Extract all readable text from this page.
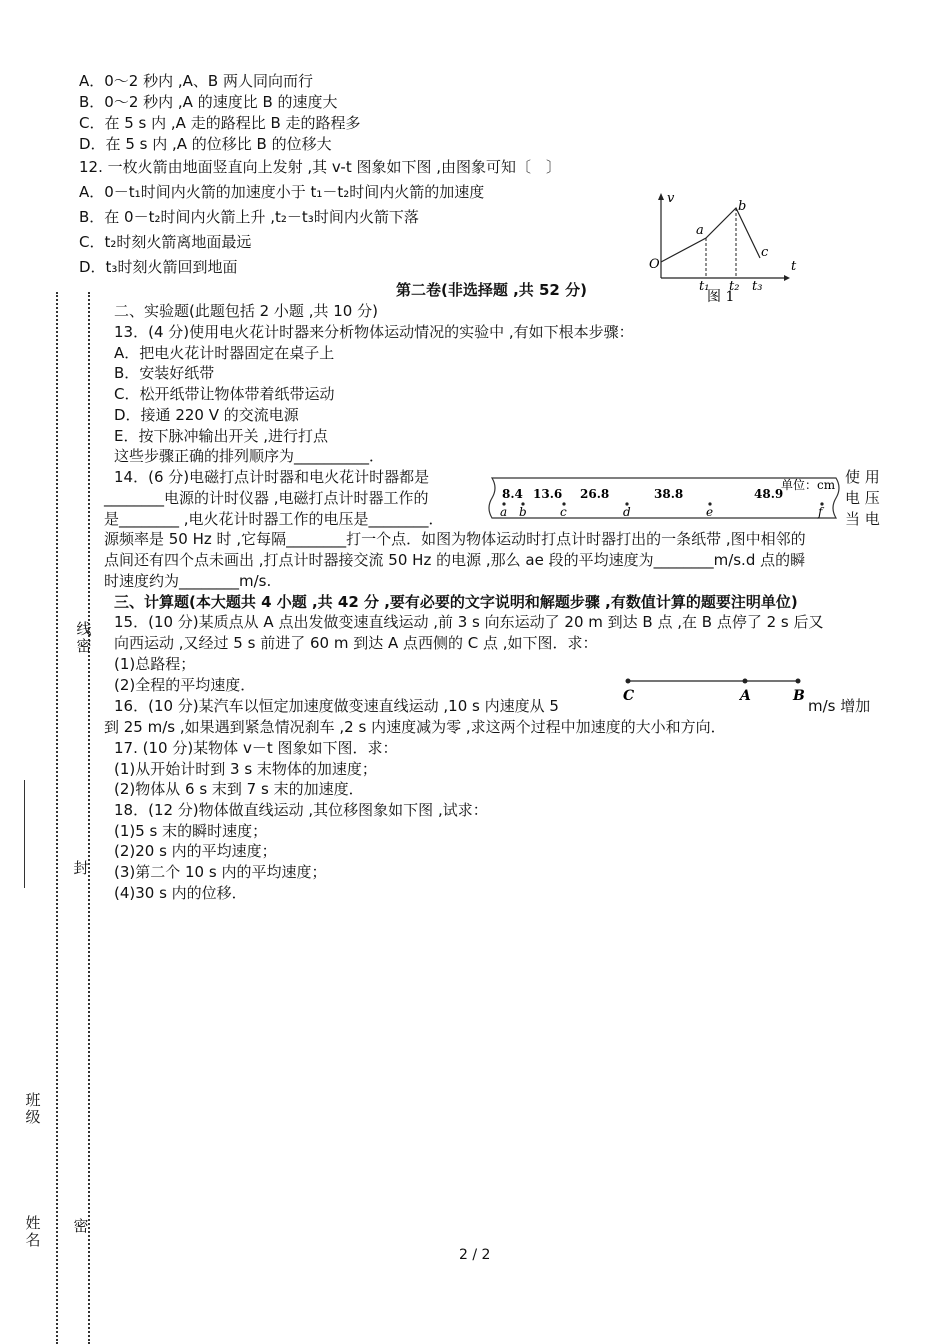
A．0～2 秒内 ,A、B 两人同向而行
B．0～2 秒内 ,A 的速度比 B 的速度大
C．在 5 s 内 ,A 走的路程比 B 走的路程多
D．在 5 s 内 ,A 的位移比 B 的位移大
12. 一枚火箭由地面竖直向上发射 ,其 v-t 图象如下图 ,由图象可知〔　〕
A．0－t₁时间内火箭的加速度小于 t₁－t₂时间内火箭的加速度
B．在 0－t₂时间内火箭上升 ,t₂－t₃时间内火箭下落
C．t₂时刻火箭离地面最远
D．t₃时刻火箭回到地面
v
t
O
a
b
c
t₁ t₂ t₃
图 1
第二卷(非选择题 ,共 52 分)
二、实验题(此题包括 2 小题 ,共 10 分)
13．(4 分)使用电火花计时器来分析物体运动情况的实验中 ,有如下根本步骤：
A．把电火花计时器固定在桌子上
B．安装好纸带
C．松开纸带让物体带着纸带运动
D．接通 220 V 的交流电源
E．按下脉冲输出开关 ,进行打点
这些步骤正确的排列顺序为__________．
14．(6 分)电磁打点计时器和电火花计时器都是
________电源的计时仪器 ,电磁打点计时器工作的
是________ ,电火花计时器工作的电压是________．
源频率是 50 Hz 时 ,它每隔________打一个点．如图为物体运动时打点计时器打出的一条纸带 ,图中相邻的
点间还有四个点未画出 ,打点计时器接交流 50 Hz 的电源 ,那么 ae 段的平均速度为________m/s.d 点的瞬
时速度约为________m/s.
使 用
电 压
当 电
8.4 13.6 26.8	38.8	48.9
单位：cm
a b	c	d	e	f
三、计算题(本大题共 4 小题 ,共 42 分 ,要有必要的文字说明和解题步骤 ,有数值计算的题要注明单位)
15．(10 分)某质点从 A 点出发做变速直线运动 ,前 3 s 向东运动了 20 m 到达 B 点 ,在 B 点停了 2 s 后又
向西运动 ,又经过 5 s 前进了 60 m 到达 A 点西侧的 C 点 ,如下图．求：
(1)总路程；
(2)全程的平均速度．
C	A	B
16．(10 分)某汽车以恒定加速度做变速直线运动 ,10 s 内速度从 5	m/s 增加
到 25 m/s ,如果遇到紧急情况刹车 ,2 s 内速度减为零 ,求这两个过程中加速度的大小和方向．
17. (10 分)某物体 v－t 图象如下图．求：
(1)从开始计时到 3 s 末物体的加速度；
(2)物体从 6 s 末到 7 s 末的加速度．
18．(12 分)物体做直线运动 ,其位移图象如下图 ,试求：
(1)5 s 末的瞬时速度；
(2)20 s 内的平均速度；
(3)第二个 10 s 内的平均速度；
(4)30 s 内的位移．
线
密
封
密
班级
姓名
2 / 2
